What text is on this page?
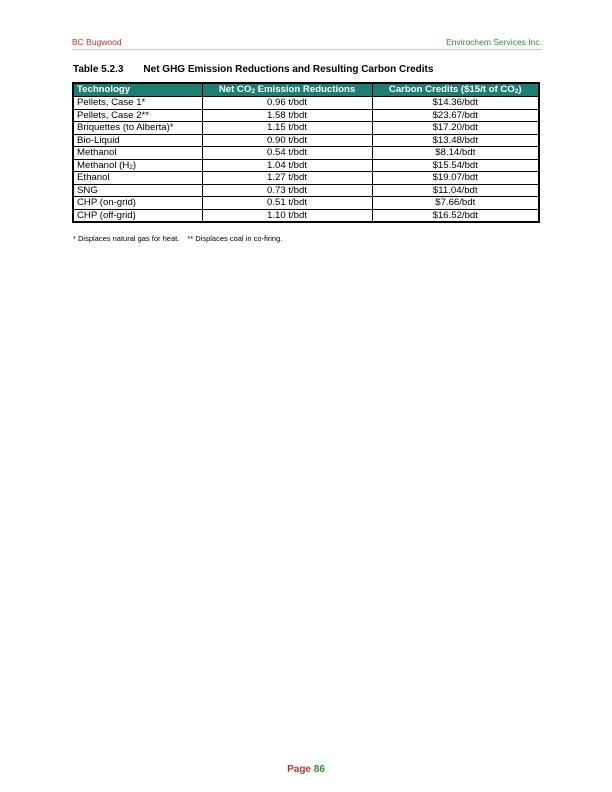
BC Bugwood	Envirochem Services Inc.
Table 5.2.3 Net GHG Emission Reductions and Resulting Carbon Credits
Technology	Net $CO_2$ Emission Reductions	Carbon Credits ($15/t of $CO_2$)
Pellets, Case 1*	0.96 t/bdt	$14.36/bdt
Pellets, Case 2**	1.58 t/bdt	$23.67/bdt
Briquettes (to Alberta)*	1.15 t/bdt	$17.20/bdt
Bio-Liquid	0.90 t/bdt	$13.48/bdt
Methanol	0.54 t/bdt	$8.14/bdt
Methanol $(H_2)$	1.04 t/bdt	$15.54/bdt
Ethanol	1.27 t/bdt	$19.07/bdt
SNG	0.73 t/bdt	$11.04/bdt
CHP (on-grid)	0.51 t/bdt	$7.66/bdt
CHP (off-grid)	1.10 t/bdt	$16.52/bdt
* Displaces natural gas for heat. ** Displaces coal in co-firing.
Page 86
